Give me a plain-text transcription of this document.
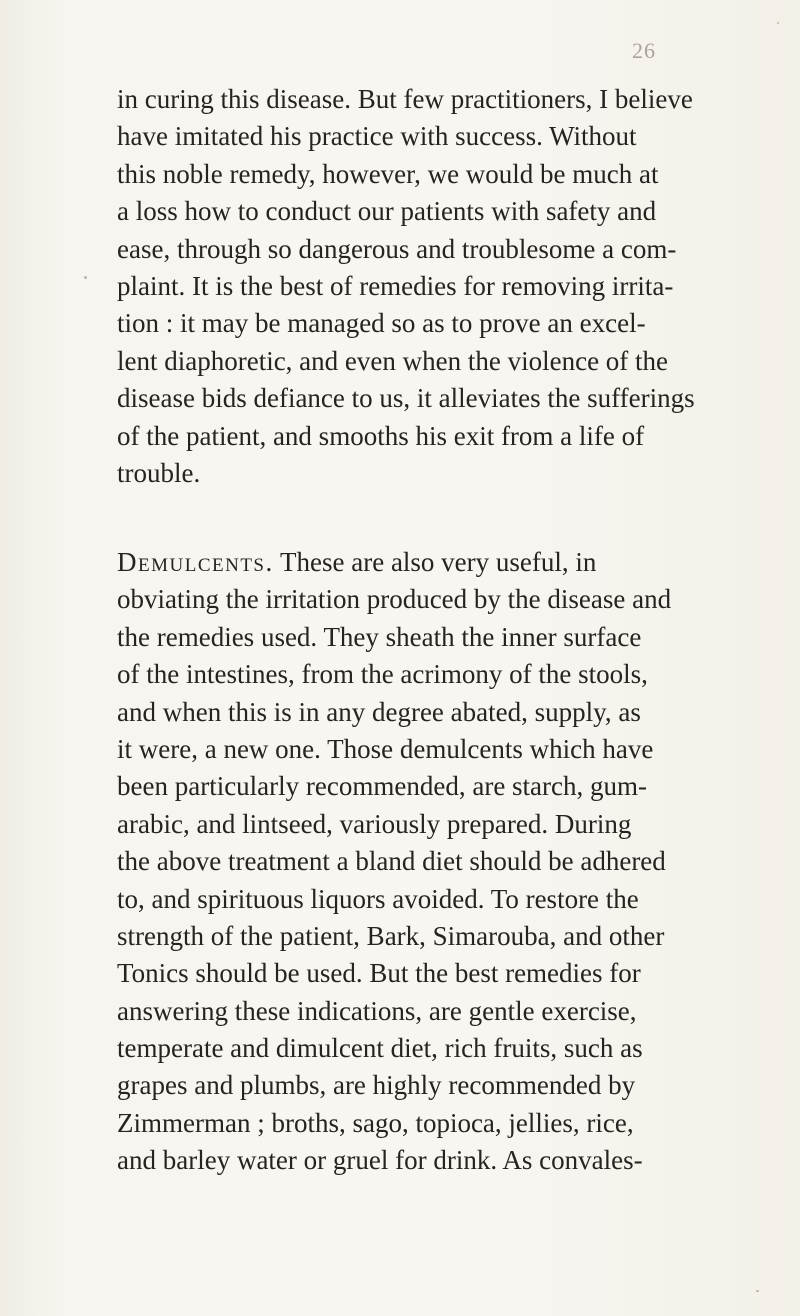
26
in curing this disease. But few practitioners, I believe
have imitated his practice with success. Without
this noble remedy, however, we would be much at
a loss how to conduct our patients with safety and
ease, through so dangerous and troublesome a com-
plaint. It is the best of remedies for removing irrita-
tion : it may be managed so as to prove an excel-
lent diaphoretic, and even when the violence of the
disease bids defiance to us, it alleviates the sufferings
of the patient, and smooths his exit from a life of
trouble.
Demulcents. These are also very useful, in
obviating the irritation produced by the disease and
the remedies used. They sheath the inner surface
of the intestines, from the acrimony of the stools,
and when this is in any degree abated, supply, as
it were, a new one. Those demulcents which have
been particularly recommended, are starch, gum-
arabic, and lintseed, variously prepared. During
the above treatment a bland diet should be adhered
to, and spirituous liquors avoided. To restore the
strength of the patient, Bark, Simarouba, and other
Tonics should be used. But the best remedies for
answering these indications, are gentle exercise,
temperate and dimulcent diet, rich fruits, such as
grapes and plumbs, are highly recommended by
Zimmerman ; broths, sago, topioca, jellies, rice,
and barley water or gruel for drink. As convales-
